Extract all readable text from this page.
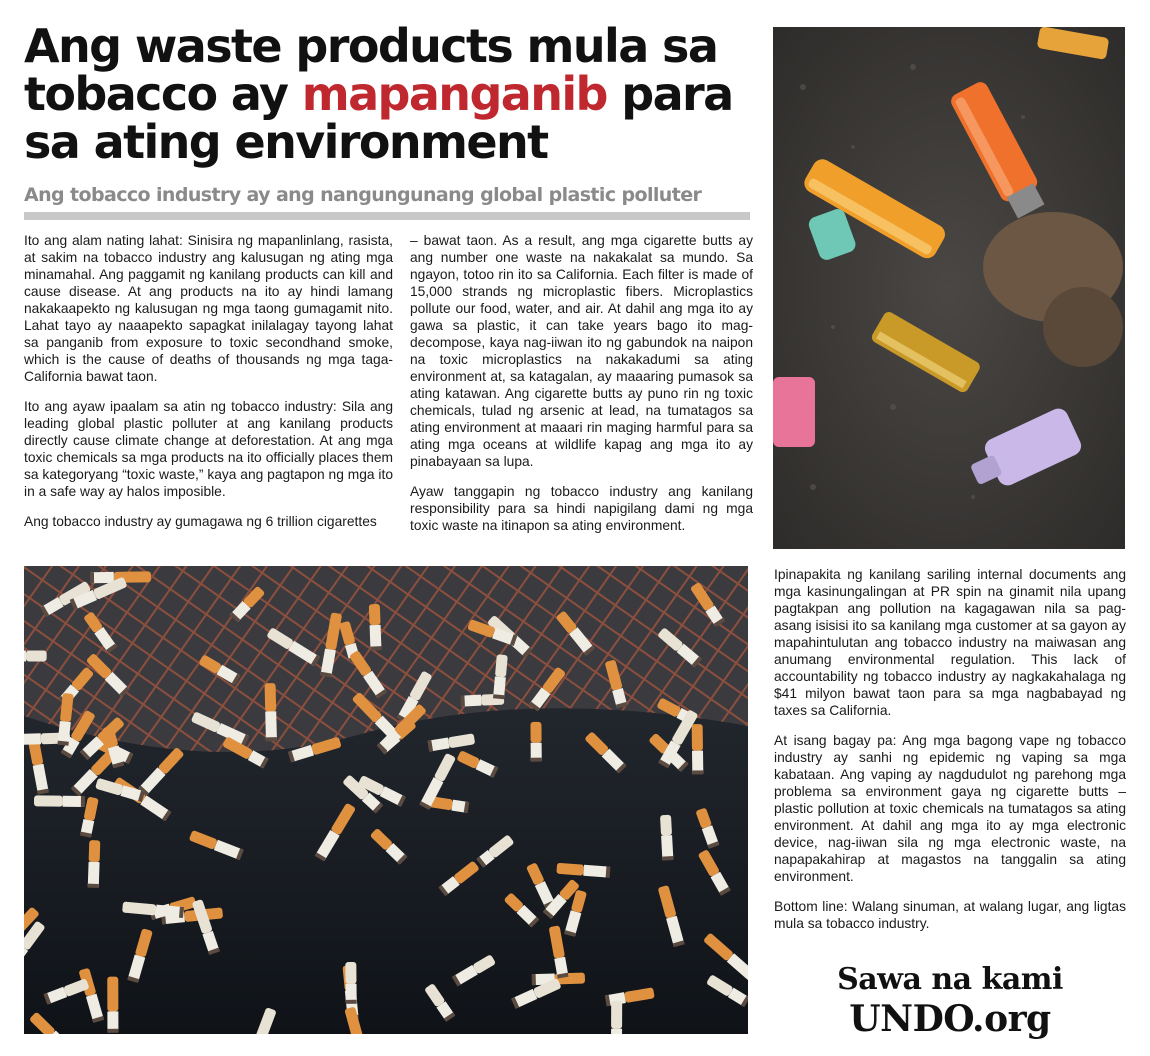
Ang waste products mula sa tobacco ay mapanganib para sa ating environment
Ang tobacco industry ay ang nangungunang global plastic polluter

Ito ang alam nating lahat: Sinisira ng mapanlinlang, rasista, at sakim na tobacco industry ang kalusugan ng ating mga minamahal. Ang paggamit ng kanilang products can kill and cause disease. At ang products na ito ay hindi lamang nakakaapekto ng kalusugan ng mga taong gumagamit nito. Lahat tayo ay naaapekto sapagkat inilalagay tayong lahat sa panganib from exposure to toxic secondhand smoke, which is the cause of deaths of thousands ng mga taga-California bawat taon.

Ito ang ayaw ipaalam sa atin ng tobacco industry: Sila ang leading global plastic polluter at ang kanilang products directly cause climate change at deforestation. At ang mga toxic chemicals sa mga products na ito officially places them sa kategoryang “toxic waste,” kaya ang pagtapon ng mga ito in a safe way ay halos imposible.

Ang tobacco industry ay gumagawa ng 6 trillion cigarettes

– bawat taon. As a result, ang mga cigarette butts ay ang number one waste na nakakalat sa mundo. Sa ngayon, totoo rin ito sa California. Each filter is made of 15,000 strands ng microplastic fibers. Microplastics pollute our food, water, and air. At dahil ang mga ito ay gawa sa plastic, it can take years bago ito mag-decompose, kaya nag-iiwan ito ng gabundok na naipon na toxic microplastics na nakakadumi sa ating environment at, sa katagalan, ay maaaring pumasok sa ating katawan. Ang cigarette butts ay puno rin ng toxic chemicals, tulad ng arsenic at lead, na tumatagos sa ating environment at maaari rin maging harmful para sa ating mga oceans at wildlife kapag ang mga ito ay pinabayaan sa lupa.

Ayaw tanggapin ng tobacco industry ang kanilang responsibility para sa hindi napigilang dami ng mga toxic waste na itinapon sa ating environment.

Ipinapakita ng kanilang sariling internal documents ang mga kasinungalingan at PR spin na ginamit nila upang pagtakpan ang pollution na kagagawan nila sa pag-asang isisisi ito sa kanilang mga customer at sa gayon ay mapahintulutan ang tobacco industry na maiwasan ang anumang environmental regulation. This lack of accountability ng tobacco industry ay nagkakahalaga ng $41 milyon bawat taon para sa mga nagbabayad ng taxes sa California.

At isang bagay pa: Ang mga bagong vape ng tobacco industry ay sanhi ng epidemic ng vaping sa mga kabataan. Ang vaping ay nagdudulot ng parehong mga problema sa environment gaya ng cigarette butts – plastic pollution at toxic chemicals na tumatagos sa ating environment. At dahil ang mga ito ay mga electronic device, nag-iiwan sila ng mga electronic waste, na napapakahirap at magastos na tanggalin sa ating environment.

Bottom line: Walang sinuman, at walang lugar, ang ligtas mula sa tobacco industry.

Sawa na kami
UNDO.org
